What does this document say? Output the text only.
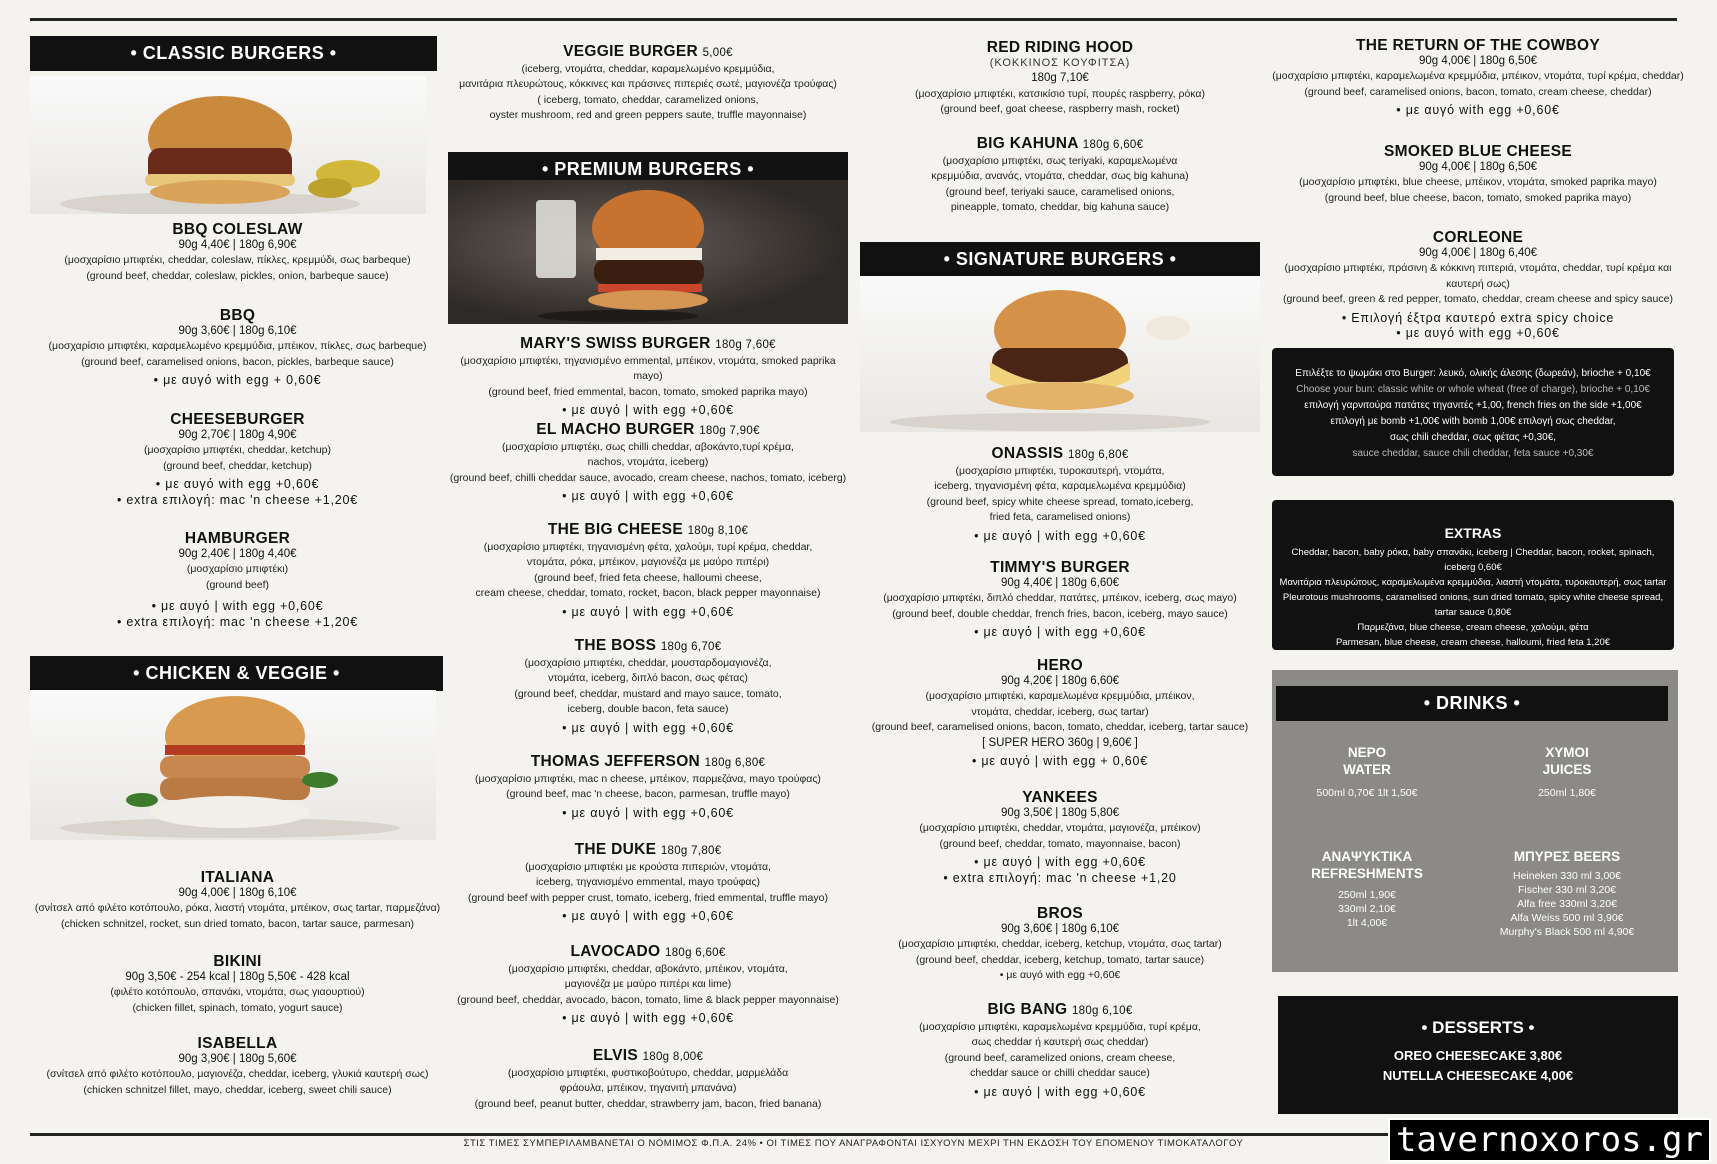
• CLASSIC BURGERS •
BBQ COLESLAW
90g 4,40€ | 180g 6,90€
(μοσχαρίσιο μπιφτέκι, cheddar, coleslaw, πίκλες, κρεμμύδι, σως barbeque)
(ground beef, cheddar, coleslaw, pickles, onion, barbeque sauce)
BBQ
90g 3,60€ | 180g 6,10€
(μοσχαρίσιο μπιφτέκι, καραμελωμένο κρεμμύδια, μπέικον, πίκλες, σως barbeque)
(ground beef, caramelised onions, bacon, pickles, barbeque sauce)
• με αυγό with egg + 0,60€
CHEESEBURGER
90g 2,70€ | 180g 4,90€
(μοσχαρίσιο μπιφτέκι, cheddar, ketchup)
(ground beef, cheddar, ketchup)
• με αυγό with egg +0,60€
• extra επιλογή: mac 'n cheese +1,20€
HAMBURGER
90g 2,40€ | 180g 4,40€
(μοσχαρίσιο μπιφτέκι)
(ground beef)
• με αυγό | with egg +0,60€
• extra επιλογή: mac 'n cheese +1,20€
• CHICKEN & VEGGIE •
ITALIANA
90g 4,00€ | 180g 6,10€
(σνίτσελ από φιλέτο κοτόπουλο, ρόκα, λιαστή ντομάτα, μπέικον, σως tartar, παρμεζάνα)
(chicken schnitzel, rocket, sun dried tomato, bacon, tartar sauce, parmesan)
BIKINI
90g 3,50€ - 254 kcal | 180g 5,50€ - 428 kcal
(φιλέτο κοτόπουλο, σπανάκι, ντομάτα, σως γιαουρτιού)
(chicken fillet, spinach, tomato, yogurt sauce)
ISABELLA
90g 3,90€ | 180g 5,60€
(σνίτσελ από φιλέτο κοτόπουλο, μαγιονέζα, cheddar, iceberg, γλυκιά καυτερή σως)
(chicken schnitzel fillet, mayo, cheddar, iceberg, sweet chili sauce)
VEGGIE BURGER 5,00€
(iceberg, ντομάτα, cheddar, καραμελωμένο κρεμμύδια,
μανιτάρια πλευρώτους, κόκκινες και πράσινες πιπεριές σωτέ, μαγιονέζα τρούφας)
( iceberg, tomato, cheddar, caramelized onions,
oyster mushroom, red and green peppers saute, truffle mayonnaise)
• PREMIUM BURGERS •
MARY'S SWISS BURGER 180g 7,60€
(μοσχαρίσιο μπιφτέκι, τηγανισμένο emmental, μπέικον, ντομάτα, smoked paprika mayo)
(ground beef, fried emmental, bacon, tomato, smoked paprika mayo)
• με αυγό | with egg +0,60€
EL MACHO BURGER 180g 7,90€
(μοσχαρίσιο μπιφτέκι, σως chilli cheddar, αβοκάντο,τυρί κρέμα,
nachos, ντομάτα, iceberg)
(ground beef, chilli cheddar sauce, avocado, cream cheese, nachos, tomato, iceberg)
• με αυγό | with egg +0,60€
THE BIG CHEESE 180g 8,10€
(μοσχαρίσιο μπιφτέκι, τηγανισμένη φέτα, χαλούμι, τυρί κρέμα, cheddar,
ντομάτα, ρόκα, μπέικον, μαγιονέζα με μαύρο πιπέρι)
(ground beef, fried feta cheese, halloumi cheese,
cream cheese, cheddar, tomato, rocket, bacon, black pepper mayonnaise)
• με αυγό | with egg +0,60€
THE BOSS 180g 6,70€
(μοσχαρίσιο μπιφτέκι, cheddar, μουσταρδομαγιονέζα,
ντομάτα, iceberg, διπλό bacon, σως φέτας)
(ground beef, cheddar, mustard and mayo sauce, tomato,
iceberg, double bacon, feta sauce)
• με αυγό | with egg +0,60€
THOMAS JEFFERSON 180g 6,80€
(μοσχαρίσιο μπιφτέκι, mac n cheese, μπέικον, παρμεζάνα, mayo τρούφας)
(ground beef, mac 'n cheese, bacon, parmesan, truffle mayo)
• με αυγό | with egg +0,60€
THE DUKE 180g 7,80€
(μοσχαρίσιο μπιφτέκι με κρούστα πιπεριών, ντομάτα,
iceberg, τηγανισμένο emmental, mayo τρούφας)
(ground beef with pepper crust, tomato, iceberg, fried emmental, truffle mayo)
• με αυγό | with egg +0,60€
LAVOCADO 180g 6,60€
(μοσχαρίσιο μπιφτέκι, cheddar, αβοκάντο, μπέικον, ντομάτα,
μαγιονέζα με μαύρο πιπέρι και lime)
(ground beef, cheddar, avocado, bacon, tomato, lime & black pepper mayonnaise)
• με αυγό | with egg +0,60€
ELVIS 180g 8,00€
(μοσχαρίσιο μπιφτέκι, φυστικοβούτυρο, cheddar, μαρμελάδα
φράουλα, μπέικον, τηγανιτή μπανάνα)
(ground beef, peanut butter, cheddar, strawberry jam, bacon, fried banana)
RED RIDING HOOD
(ΚΟΚΚΙΝΟΣ ΚΟΥΦΙΤΣΑ)
180g 7,10€
(μοσχαρίσιο μπιφτέκι, κατσικίσιο τυρί, πουρές raspberry, ρόκα)
(ground beef, goat cheese, raspberry mash, rocket)
BIG KAHUNA 180g 6,60€
(μοσχαρίσιο μπιφτέκι, σως teriyaki, καραμελωμένα
κρεμμύδια, ανανάς, ντομάτα, cheddar, σως big kahuna)
(ground beef, teriyaki sauce, caramelised onions,
pineapple, tomato, cheddar, big kahuna sauce)
• SIGNATURE BURGERS •
ONASSIS 180g 6,80€
(μοσχαρίσιο μπιφτέκι, τυροκαυτερή, ντομάτα,
iceberg, τηγανισμένη φέτα, καραμελωμένα κρεμμύδια)
(ground beef, spicy white cheese spread, tomato,iceberg,
fried feta, caramelised onions)
• με αυγό | with egg +0,60€
TIMMY'S BURGER
90g 4,40€ | 180g 6,60€
(μοσχαρίσιο μπιφτέκι, διπλό cheddar, πατάτες, μπέικον, iceberg, σως mayo)
(ground beef, double cheddar, french fries, bacon, iceberg, mayo sauce)
• με αυγό | with egg +0,60€
HERO
90g 4,20€ | 180g 6,60€
(μοσχαρίσιο μπιφτέκι, καραμελωμένα κρεμμύδια, μπέικον,
ντομάτα, cheddar, iceberg, σως tartar)
(ground beef, caramelised onions, bacon, tomato, cheddar, iceberg, tartar sauce)
[ SUPER HERO 360g | 9,60€ ]
• με αυγό | with egg + 0,60€
YANKEES
90g 3,50€ | 180g 5,80€
(μοσχαρίσιο μπιφτέκι, cheddar, ντομάτα, μαγιονέζα, μπέικον)
(ground beef, cheddar, tomato, mayonnaise, bacon)
• με αυγό | with egg +0,60€
• extra επιλογή: mac 'n cheese +1,20
BROS
90g 3,60€ | 180g 6,10€
(μοσχαρίσιο μπιφτέκι, cheddar, iceberg, ketchup, ντομάτα, σως tartar)
(ground beef, cheddar, iceberg, ketchup, tomato, tartar sauce)
• με αυγό with egg +0,60€
BIG BANG 180g 6,10€
(μοσχαρίσιο μπιφτέκι, καραμελωμένα κρεμμύδια, τυρί κρέμα,
σως cheddar ή καυτερή σως cheddar)
(ground beef, caramelized onions, cream cheese,
cheddar sauce or chilli cheddar sauce)
• με αυγό | with egg +0,60€
THE RETURN OF THE COWBOY
90g 4,00€ | 180g 6,50€
(μοσχαρίσιο μπιφτέκι, καραμελωμένα κρεμμύδια, μπέικον, ντομάτα, τυρί κρέμα, cheddar)
(ground beef, caramelised onions, bacon, tomato, cream cheese, cheddar)
• με αυγό with egg +0,60€
SMOKED BLUE CHEESE
90g 4,00€ | 180g 6,50€
(μοσχαρίσιο μπιφτέκι, blue cheese, μπέικον, ντομάτα, smoked paprika mayo)
(ground beef, blue cheese, bacon, tomato, smoked paprika mayo)
CORLEONE
90g 4,00€ | 180g 6,40€
(μοσχαρίσιο μπιφτέκι, πράσινη & κόκκινη πιπεριά, ντομάτα, cheddar, τυρί κρέμα και καυτερή σως)
(ground beef, green & red pepper, tomato, cheddar, cream cheese and spicy sauce)
• Επιλογή έξτρα καυτερό extra spicy choice
• με αυγό with egg +0,60€
Επιλέξτε το ψωμάκι στο Burger: λευκό, ολικής άλεσης (δωρεάν), brioche + 0,10€
Choose your bun: classic white or whole wheat (free of charge), brioche + 0,10€
επιλογή γαρνιτούρα πατάτες τηγανιτές +1,00, french fries on the side +1,00€
επιλογή με bomb +1,00€ with bomb 1,00€ επιλογή σως cheddar,
σως chili cheddar, σως φέτας +0,30€,
sauce cheddar, sauce chili cheddar, feta sauce +0,30€
EXTRAS
Cheddar, bacon, baby ρόκα, baby σπανάκι, iceberg | Cheddar, bacon, rocket, spinach, iceberg 0,60€
Μανιτάρια πλευρώτους, καραμελωμένα κρεμμύδια, λιαστή ντομάτα, τυροκαυτερή, σως tartar
Pleurotous mushrooms, caramelised onions, sun dried tomato, spicy white cheese spread, tartar sauce 0,80€
Παρμεζάνα, blue cheese, cream cheese, χαλούμι, φέτα
Parmesan, blue cheese, cream cheese, halloumi, fried feta 1,20€
• DRINKS •
ΝΕΡΟ
WATER
500ml 0,70€ 1lt 1,50€
ΧΥΜΟΙ
JUICES
250ml 1,80€
ΑΝΑΨΥΚΤΙΚΑ
REFRESHMENTS
250ml 1,90€
330ml 2,10€
1lt 4,00€
ΜΠΥΡΕΣ BEERS
Heineken 330 ml 3,00€
Fischer 330 ml 3,20€
Alfa free 330ml 3,20€
Alfa Weiss 500 ml 3,90€
Murphy's Black 500 ml 4,90€
• DESSERTS •
OREO CHEESECAKE 3,80€
NUTELLA CHEESECAKE 4,00€
ΣΤΙΣ ΤΙΜΕΣ ΣΥΜΠΕΡΙΛΑΜΒΑΝΕΤΑΙ Ο ΝΟΜΙΜΟΣ Φ.Π.Α. 24% • ΟΙ ΤΙΜΕΣ ΠΟΥ ΑΝΑΓΡΑΦΟΝΤΑΙ ΙΣΧΥΟΥΝ ΜΕΧΡΙ ΤΗΝ ΕΚΔΟΣΗ ΤΟΥ ΕΠΟΜΕΝΟΥ ΤΙΜΟΚΑΤΑΛΟΓΟΥ	tavernoxoros.gr
